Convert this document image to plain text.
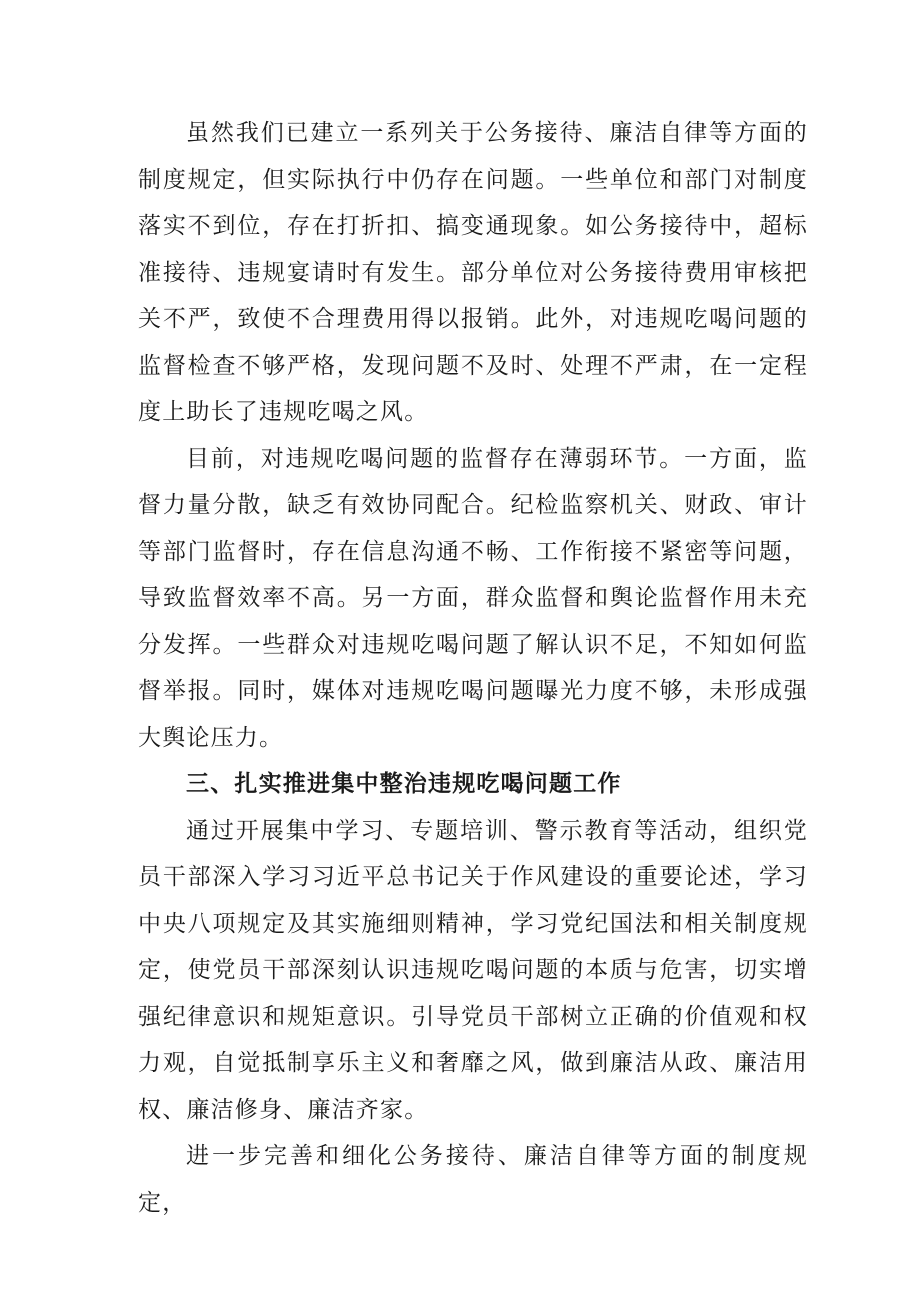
虽然我们已建立一系列关于公务接待、廉洁自律等方面的制度规定，但实际执行中仍存在问题。一些单位和部门对制度落实不到位，存在打折扣、搞变通现象。如公务接待中，超标准接待、违规宴请时有发生。部分单位对公务接待费用审核把关不严，致使不合理费用得以报销。此外，对违规吃喝问题的监督检查不够严格，发现问题不及时、处理不严肃，在一定程度上助长了违规吃喝之风。

目前，对违规吃喝问题的监督存在薄弱环节。一方面，监督力量分散，缺乏有效协同配合。纪检监察机关、财政、审计等部门监督时，存在信息沟通不畅、工作衔接不紧密等问题，导致监督效率不高。另一方面，群众监督和舆论监督作用未充分发挥。一些群众对违规吃喝问题了解认识不足，不知如何监督举报。同时，媒体对违规吃喝问题曝光力度不够，未形成强大舆论压力。

三、扎实推进集中整治违规吃喝问题工作

通过开展集中学习、专题培训、警示教育等活动，组织党员干部深入学习习近平总书记关于作风建设的重要论述，学习中央八项规定及其实施细则精神，学习党纪国法和相关制度规定，使党员干部深刻认识违规吃喝问题的本质与危害，切实增强纪律意识和规矩意识。引导党员干部树立正确的价值观和权力观，自觉抵制享乐主义和奢靡之风，做到廉洁从政、廉洁用权、廉洁修身、廉洁齐家。

进一步完善和细化公务接待、廉洁自律等方面的制度规定，
